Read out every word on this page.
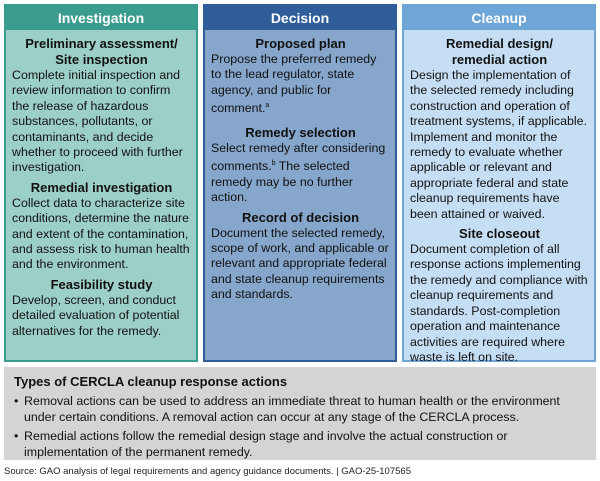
Investigation
Preliminary assessment/
Site inspection
Complete initial inspection and review information to confirm the release of hazardous substances, pollutants, or contaminants, and decide whether to proceed with further investigation.
Remedial investigation
Collect data to characterize site conditions, determine the nature and extent of the contamination, and assess risk to human health and the environment.
Feasibility study
Develop, screen, and conduct detailed evaluation of potential alternatives for the remedy.
Decision
Proposed plan
Propose the preferred remedy to the lead regulator, state agency, and public for comment.$^a$
Remedy selection
Select remedy after considering comments.$^b$ The selected remedy may be no further action.
Record of decision
Document the selected remedy, scope of work, and applicable or relevant and appropriate federal and state cleanup requirements and standards.
Cleanup
Remedial design/
remedial action
Design the implementation of the selected remedy including construction and operation of treatment systems, if applicable. Implement and monitor the remedy to evaluate whether applicable or relevant and appropriate federal and state cleanup requirements have been attained or waived.
Site closeout
Document completion of all response actions implementing the remedy and compliance with cleanup requirements and standards. Post-completion operation and maintenance activities are required where waste is left on site.
Types of CERCLA cleanup response actions
• Removal actions can be used to address an immediate threat to human health or the environment under certain conditions. A removal action can occur at any stage of the CERCLA process.
• Remedial actions follow the remedial design stage and involve the actual construction or implementation of the permanent remedy.
Source: GAO analysis of legal requirements and agency guidance documents. | GAO-25-107565
